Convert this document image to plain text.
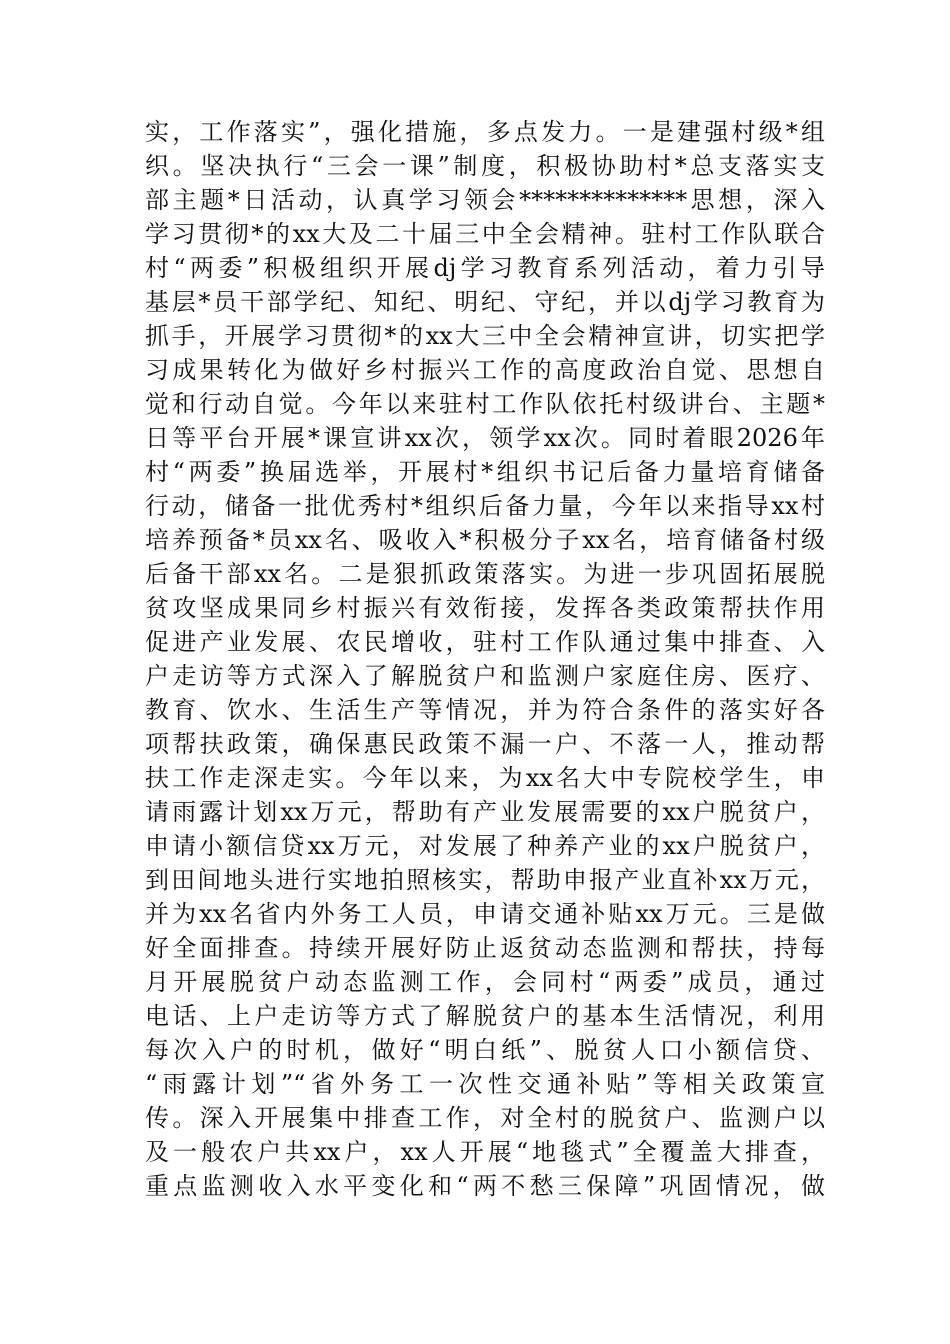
实，工作落实”，强化措施，多点发力。一是建强村级*组

织。坚决执行“三会一课”制度，积极协助村*总支落实支

部主题*日活动，认真学习领会**************思想，深入

学习贯彻*的xx大及二十届三中全会精神。驻村工作队联合

村“两委”积极组织开展dj学习教育系列活动，着力引导

基层*员干部学纪、知纪、明纪、守纪，并以dj学习教育为

抓手，开展学习贯彻*的xx大三中全会精神宣讲，切实把学

习成果转化为做好乡村振兴工作的高度政治自觉、思想自

觉和行动自觉。今年以来驻村工作队依托村级讲台、主题*

日等平台开展*课宣讲xx次，领学xx次。同时着眼2026年

村“两委”换届选举，开展村*组织书记后备力量培育储备

行动，储备一批优秀村*组织后备力量，今年以来指导xx村

培养预备*员xx名、吸收入*积极分子xx名，培育储备村级

后备干部xx名。二是狠抓政策落实。为进一步巩固拓展脱

贫攻坚成果同乡村振兴有效衔接，发挥各类政策帮扶作用

促进产业发展、农民增收，驻村工作队通过集中排查、入

户走访等方式深入了解脱贫户和监测户家庭住房、医疗、

教育、饮水、生活生产等情况，并为符合条件的落实好各

项帮扶政策，确保惠民政策不漏一户、不落一人，推动帮

扶工作走深走实。今年以来，为xx名大中专院校学生，申

请雨露计划xx万元，帮助有产业发展需要的xx户脱贫户，

申请小额信贷xx万元，对发展了种养产业的xx户脱贫户，

到田间地头进行实地拍照核实，帮助申报产业直补xx万元，

并为xx名省内外务工人员，申请交通补贴xx万元。三是做

好全面排查。持续开展好防止返贫动态监测和帮扶，持每

月开展脱贫户动态监测工作，会同村“两委”成员，通过

电话、上户走访等方式了解脱贫户的基本生活情况，利用

每次入户的时机，做好“明白纸”、脱贫人口小额信贷、

“雨露计划”“省外务工一次性交通补贴”等相关政策宣

传。深入开展集中排查工作，对全村的脱贫户、监测户以

及一般农户共xx户，xx人开展“地毯式”全覆盖大排查，

重点监测收入水平变化和“两不愁三保障”巩固情况，做
